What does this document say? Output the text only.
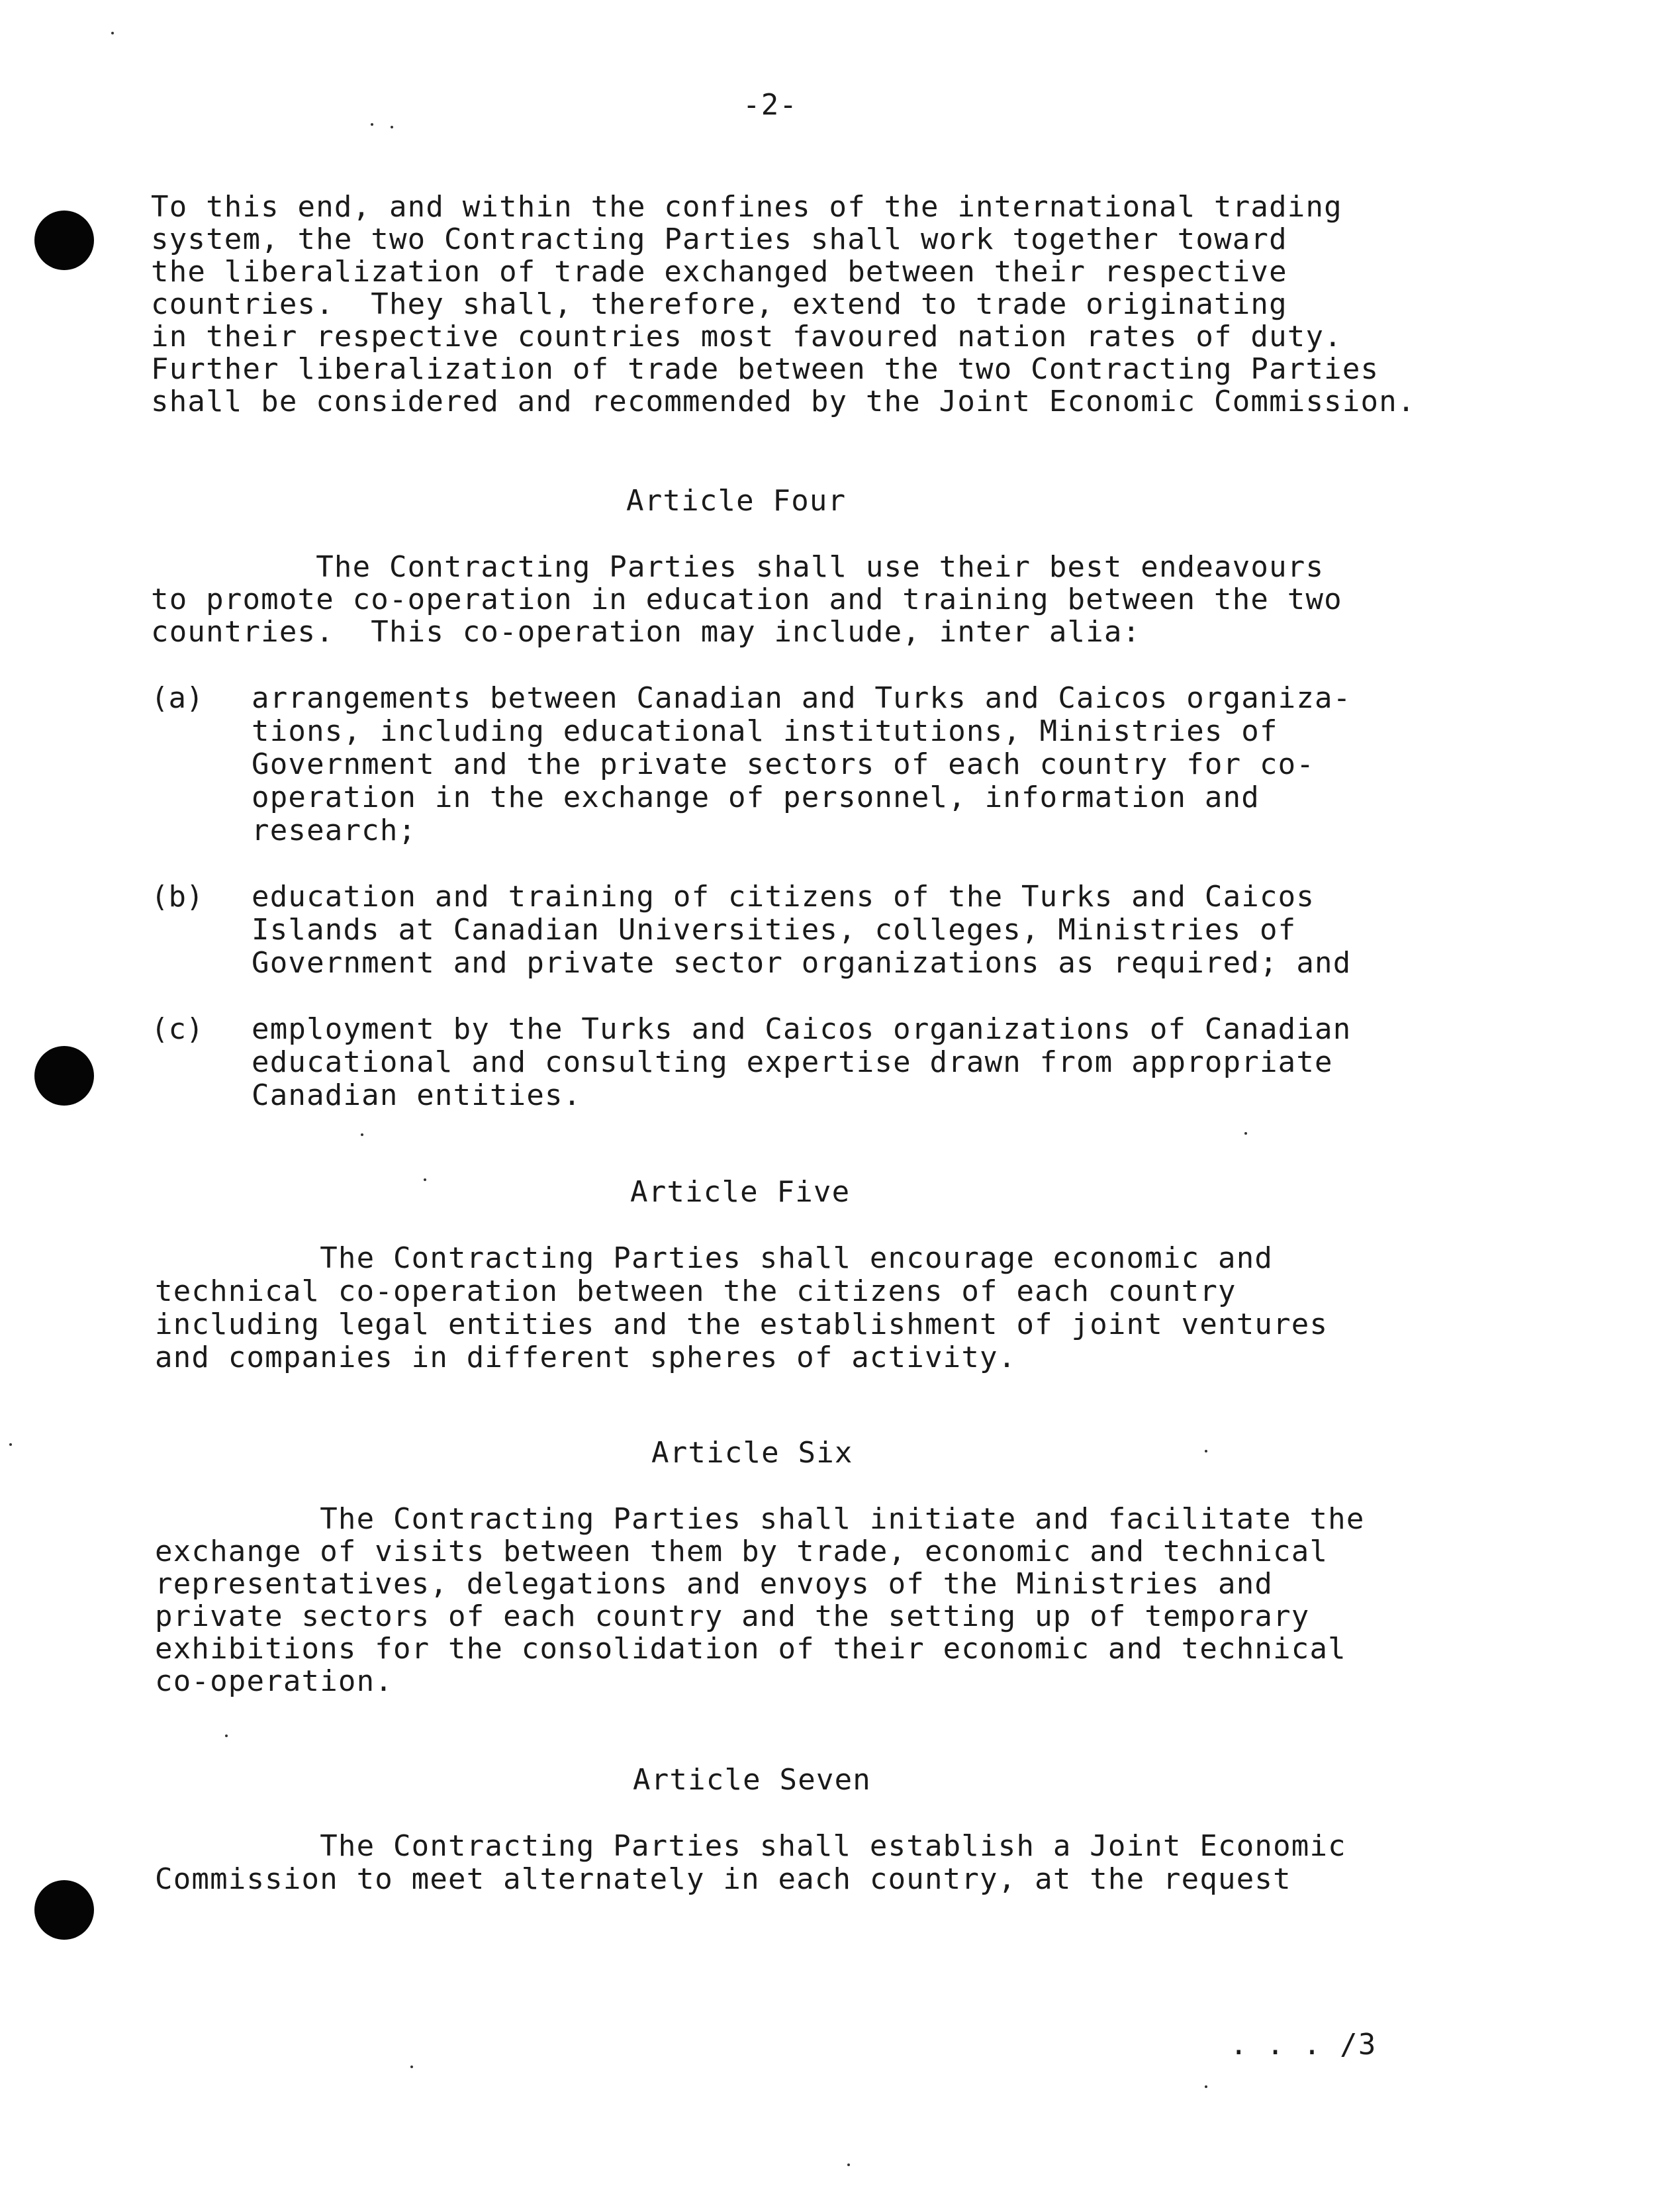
-2-
To this end, and within the confines of the international trading
system, the two Contracting Parties shall work together toward
the liberalization of trade exchanged between their respective
countries.  They shall, therefore, extend to trade originating
in their respective countries most favoured nation rates of duty.
Further liberalization of trade between the two Contracting Parties
shall be considered and recommended by the Joint Economic Commission.
Article Four
The Contracting Parties shall use their best endeavours
to promote co-operation in education and training between the two
countries.  This co-operation may include, inter alia:
(a) arrangements between Canadian and Turks and Caicos organiza-
tions, including educational institutions, Ministries of
Government and the private sectors of each country for co-
operation in the exchange of personnel, information and
research;
(b) education and training of citizens of the Turks and Caicos
Islands at Canadian Universities, colleges, Ministries of
Government and private sector organizations as required; and
(c) employment by the Turks and Caicos organizations of Canadian
educational and consulting expertise drawn from appropriate
Canadian entities.
Article Five
The Contracting Parties shall encourage economic and
technical co-operation between the citizens of each country
including legal entities and the establishment of joint ventures
and companies in different spheres of activity.
Article Six
The Contracting Parties shall initiate and facilitate the
exchange of visits between them by trade, economic and technical
representatives, delegations and envoys of the Ministries and
private sectors of each country and the setting up of temporary
exhibitions for the consolidation of their economic and technical
co-operation.
Article Seven
The Contracting Parties shall establish a Joint Economic
Commission to meet alternately in each country, at the request
. . . /3
